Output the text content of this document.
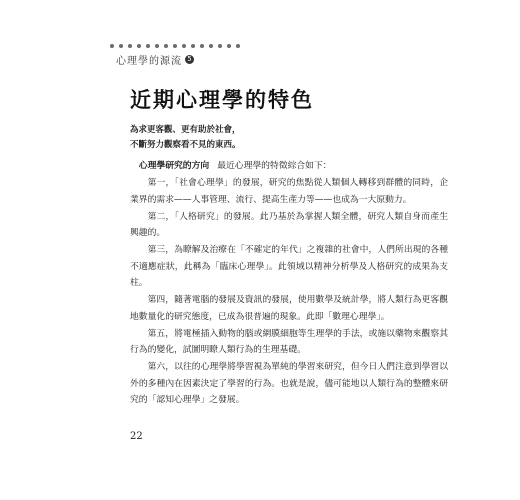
心理學的源流 5
近期心理學的特色
為求更客觀、更有助於社會，
不斷努力觀察看不見的東西。

心理學研究的方向 最近心理學的特徵綜合如下：

第一，「社會心理學」的發展，研究的焦點從人類個人轉移到群體的同時，企業界的需求——人事管理、流行、提高生產力等——也成為一大原動力。

第二，「人格研究」的發展。此乃基於為掌握人類全體，研究人類自身而產生興趣的。

第三，為瞭解及治療在「不確定的年代」之複雜的社會中，人們所出現的各種不適應症狀，此稱為「臨床心理學」。此領域以精神分析學及人格研究的成果為支柱。

第四，隨著電腦的發展及資訊的發展，使用數學及統計學，將人類行為更客觀地數量化的研究態度，已成為很普遍的現象。此即「數理心理學」。

第五，將電極插入動物的腦或網膜細胞等生理學的手法，或施以藥物來觀察其行為的變化，試圖明瞭人類行為的生理基礎。

第六，以往的心理學將學習視為單純的學習來研究，但今日人們注意到學習以外的多種內在因素決定了學習的行為。也就是說，儘可能地以人類行為的整體來研究的「認知心理學」之發展。

22
